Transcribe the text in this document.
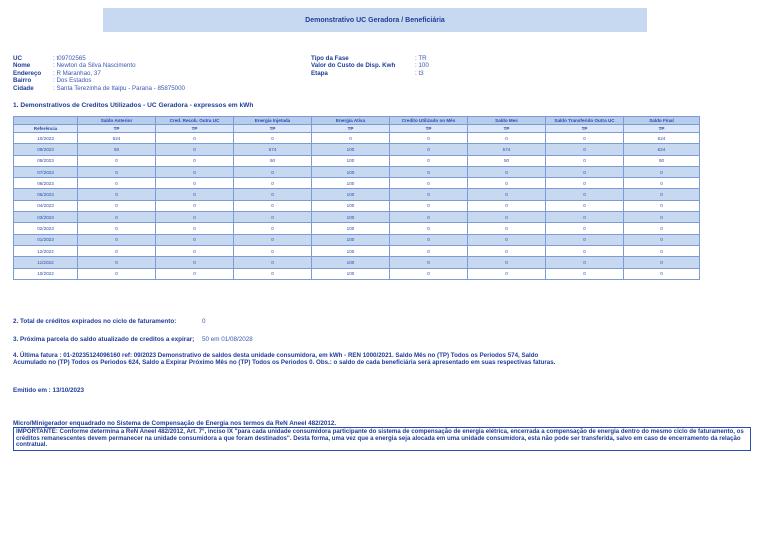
Demonstrativo UC Geradora / Beneficiária
UC	: t09702565
Nome	: Newton da Silva Nascimento
Endereço	: R Maranhao, 37
Bairro	: Dos Estados
Cidade	: Santa Terezinha de Itaipu - Parana - 85875000
Tipo da Fase	: TR
Valor do Custo de Disp. Kwh	: 100
Etapa	: t3
1. Demonstrativos de Creditos Utilizados - UC Geradora - expressos em kWh
	Saldo Anterior	Cred. Recob. Outra UC	Energia Injetada	Energia Ativa	Credito Utilizado no Mês	Saldo Mes	Saldo Transferido Outra UC	Saldo Final
Referência	TP	TP	TP	TP	TP	TP	TP	TP
10/2023	624	0	0	0	0	0	0	624
09/2023	50	0	574	100	0	574	0	624
08/2023	0	0	50	100	0	50	0	50
07/2023	0	0	0	100	0	0	0	0
06/2023	0	0	0	100	0	0	0	0
05/2023	0	0	0	100	0	0	0	0
04/2023	0	0	0	100	0	0	0	0
03/2023	0	0	0	100	0	0	0	0
02/2023	0	0	0	100	0	0	0	0
01/2023	0	0	0	100	0	0	0	0
12/2022	0	0	0	100	0	0	0	0
11/2022	0	0	0	100	0	0	0	0
10/2022	0	0	0	100	0	0	0	0
2. Total de créditos expirados no ciclo de faturamento:	0
3. Próxima parcela do saldo atualizado de creditos a expirar; 50 em 01/08/2028
4. Última fatura : 01-20235124096160 ref: 09/2023 Demonstrativo de saldos desta unidade consumidora, em kWh - REN 1000/2021. Saldo Mês no (TP) Todos os Periodos 574, Saldo Acumulado no (TP) Todos os Periodos 624, Saldo a Expirar Próximo Mês no (TP) Todos os Periodos 0. Obs.: o saldo de cada beneficiária será apresentado em suas respectivas faturas.
Emitido em : 13/10/2023
Micro/Minigerador enquadrado no Sistema de Compensação de Energia nos termos da ReN Aneel 482/2012.
IMPORTANTE: Conforme determina a ReN Aneel 482/2012, Art. 7°, inciso IX "para cada unidade consumidora participante do sistema de compensação de energia elétrica, encerrada a compensação de energia dentro do mesmo ciclo de faturamento, os créditos remanescentes devem permanecer na unidade consumidora a que foram destinados". Desta forma, uma vez que a energia seja alocada em uma unidade consumidora, esta não pode ser transferida, salvo em caso de encerramento da relação contratual.
